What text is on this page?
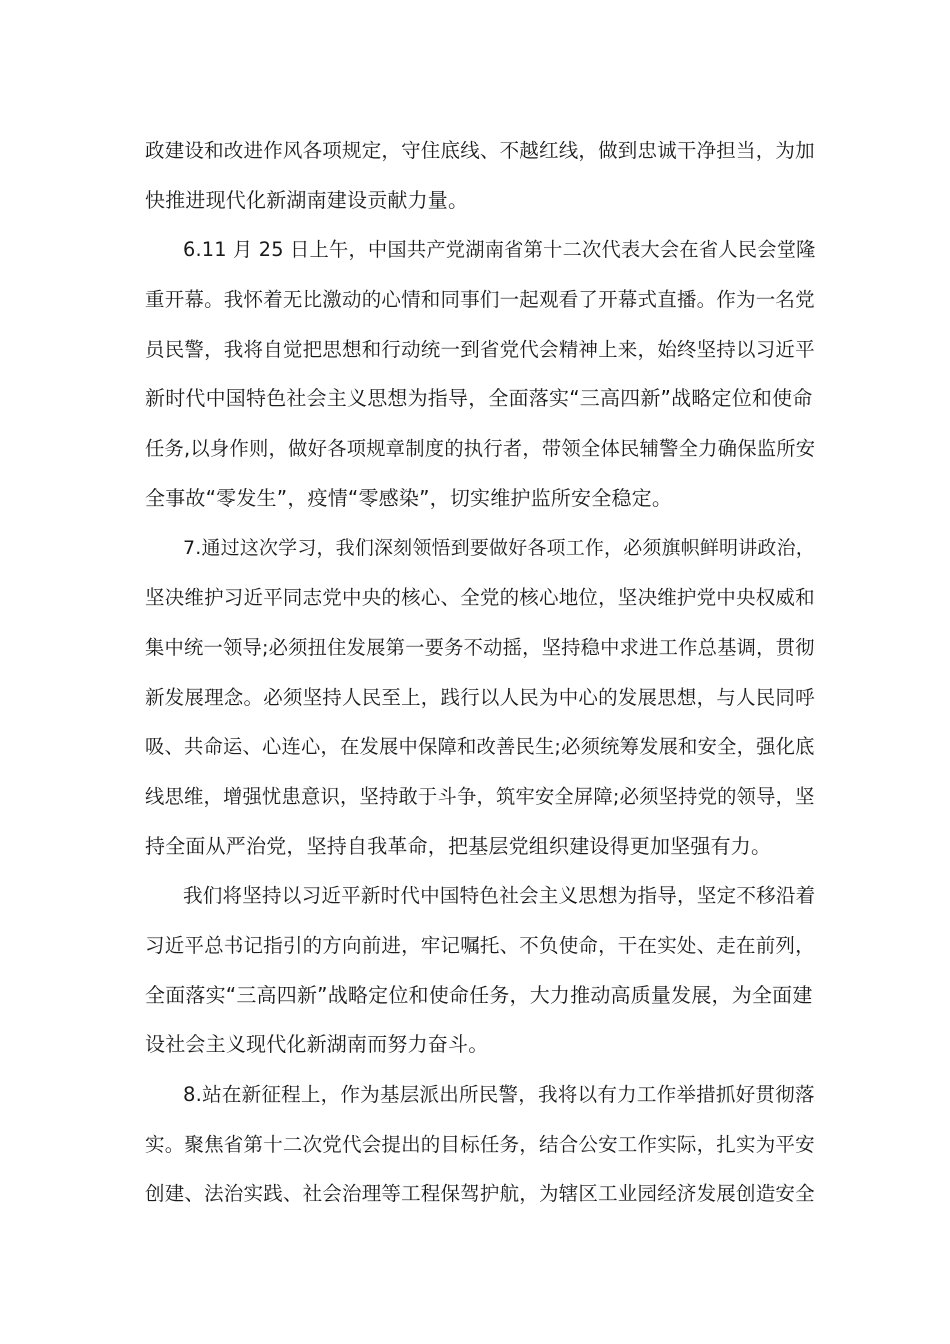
政建设和改进作风各项规定，守住底线、不越红线，做到忠诚干净担当，为加
快推进现代化新湖南建设贡献力量。
6.11 月 25 日上午，中国共产党湖南省第十二次代表大会在省人民会堂隆
重开幕。我怀着无比激动的心情和同事们一起观看了开幕式直播。作为一名党
员民警，我将自觉把思想和行动统一到省党代会精神上来，始终坚持以习近平
新时代中国特色社会主义思想为指导，全面落实“三高四新”战略定位和使命
任务,以身作则，做好各项规章制度的执行者，带领全体民辅警全力确保监所安
全事故“零发生”，疫情“零感染”，切实维护监所安全稳定。
7.通过这次学习，我们深刻领悟到要做好各项工作，必须旗帜鲜明讲政治，
坚决维护习近平同志党中央的核心、全党的核心地位，坚决维护党中央权威和
集中统一领导;必须扭住发展第一要务不动摇，坚持稳中求进工作总基调，贯彻
新发展理念。必须坚持人民至上，践行以人民为中心的发展思想，与人民同呼
吸、共命运、心连心，在发展中保障和改善民生;必须统筹发展和安全，强化底
线思维，增强忧患意识，坚持敢于斗争，筑牢安全屏障;必须坚持党的领导，坚
持全面从严治党，坚持自我革命，把基层党组织建设得更加坚强有力。
我们将坚持以习近平新时代中国特色社会主义思想为指导，坚定不移沿着
习近平总书记指引的方向前进，牢记嘱托、不负使命，干在实处、走在前列，
全面落实“三高四新”战略定位和使命任务，大力推动高质量发展，为全面建
设社会主义现代化新湖南而努力奋斗。
8.站在新征程上，作为基层派出所民警，我将以有力工作举措抓好贯彻落
实。聚焦省第十二次党代会提出的目标任务，结合公安工作实际，扎实为平安
创建、法治实践、社会治理等工程保驾护航，为辖区工业园经济发展创造安全
